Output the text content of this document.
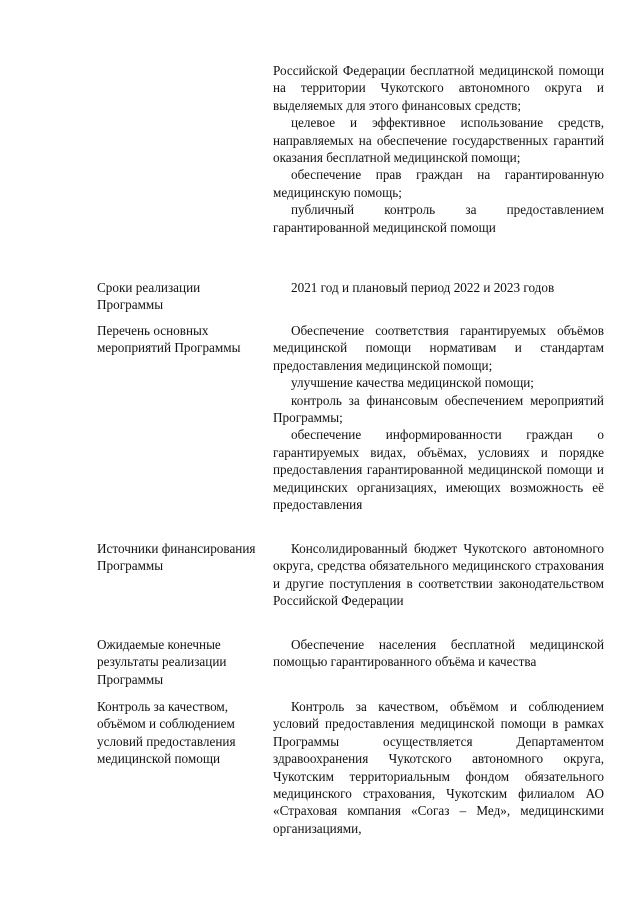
Российской Федерации бесплатной медицинской помощи на территории Чукотского автономного округа и выделяемых для этого финансовых средств;

целевое и эффективное использование средств, направляемых на обеспечение государственных гарантий оказания бесплатной медицинской помощи;

обеспечение прав граждан на гарантированную медицинскую помощь;

публичный контроль за предоставлением гарантированной медицинской помощи

Сроки реализации Программы

2021 год и плановый период 2022 и 2023 годов

Перечень основных мероприятий Программы

Обеспечение соответствия гарантируемых объёмов медицинской помощи нормативам и стандартам предоставления медицинской помощи;

улучшение качества медицинской помощи;

контроль за финансовым обеспечением мероприятий Программы;

обеспечение информированности граждан о гарантируемых видах, объёмах, условиях и порядке предоставления гарантированной медицинской помощи и медицинских организациях, имеющих возможность её предоставления

Источники финансирования Программы

Консолидированный бюджет Чукотского автономного округа, средства обязательного медицинского страхования и другие поступления в соответствии законодательством Российской Федерации

Ожидаемые конечные результаты реализации Программы

Обеспечение населения бесплатной медицинской помощью гарантированного объёма и качества

Контроль за качеством, объёмом и соблюдением условий предоставления медицинской помощи

Контроль за качеством, объёмом и соблюдением условий предоставления медицинской помощи в рамках Программы осуществляется Департаментом здравоохранения Чукотского автономного округа, Чукотским территориальным фондом обязательного медицинского страхования, Чукотским филиалом АО «Страховая компания «Согаз – Мед», медицинскими организациями,
